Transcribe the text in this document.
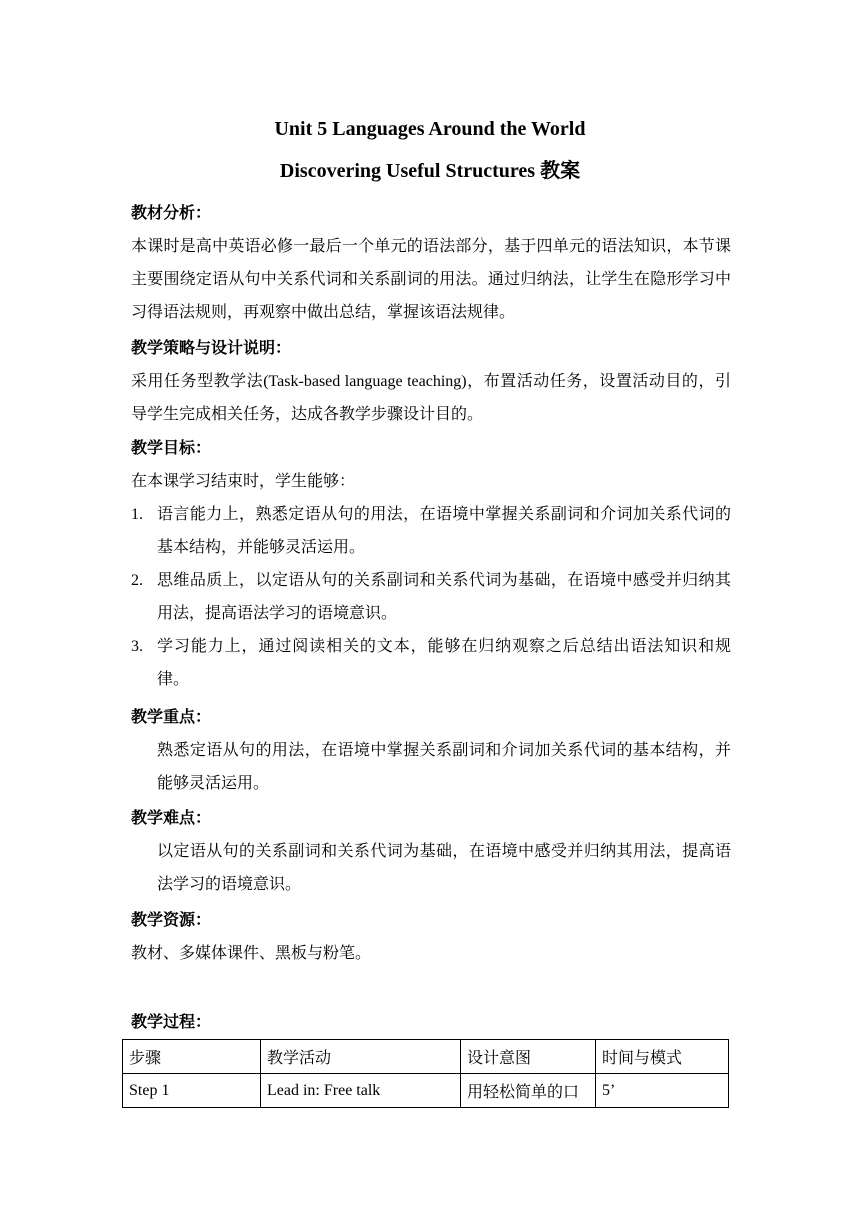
Unit 5 Languages Around the World
Discovering Useful Structures 教案
教材分析：
本课时是高中英语必修一最后一个单元的语法部分，基于四单元的语法知识，本节课主要围绕定语从句中关系代词和关系副词的用法。通过归纳法，让学生在隐形学习中习得语法规则，再观察中做出总结，掌握该语法规律。
教学策略与设计说明：
采用任务型教学法(Task-based language teaching)，布置活动任务，设置活动目的，引导学生完成相关任务，达成各教学步骤设计目的。
教学目标：
在本课学习结束时，学生能够：
1. 语言能力上，熟悉定语从句的用法，在语境中掌握关系副词和介词加关系代词的基本结构，并能够灵活运用。
2. 思维品质上，以定语从句的关系副词和关系代词为基础，在语境中感受并归纳其用法，提高语法学习的语境意识。
3. 学习能力上，通过阅读相关的文本，能够在归纳观察之后总结出语法知识和规律。
教学重点：
熟悉定语从句的用法，在语境中掌握关系副词和介词加关系代词的基本结构，并能够灵活运用。
教学难点：
以定语从句的关系副词和关系代词为基础，在语境中感受并归纳其用法，提高语法学习的语境意识。
教学资源：
教材、多媒体课件、黑板与粉笔。
教学过程：
步骤	教学活动	设计意图	时间与模式
Step 1	Lead in: Free talk	用轻松简单的口	5’
